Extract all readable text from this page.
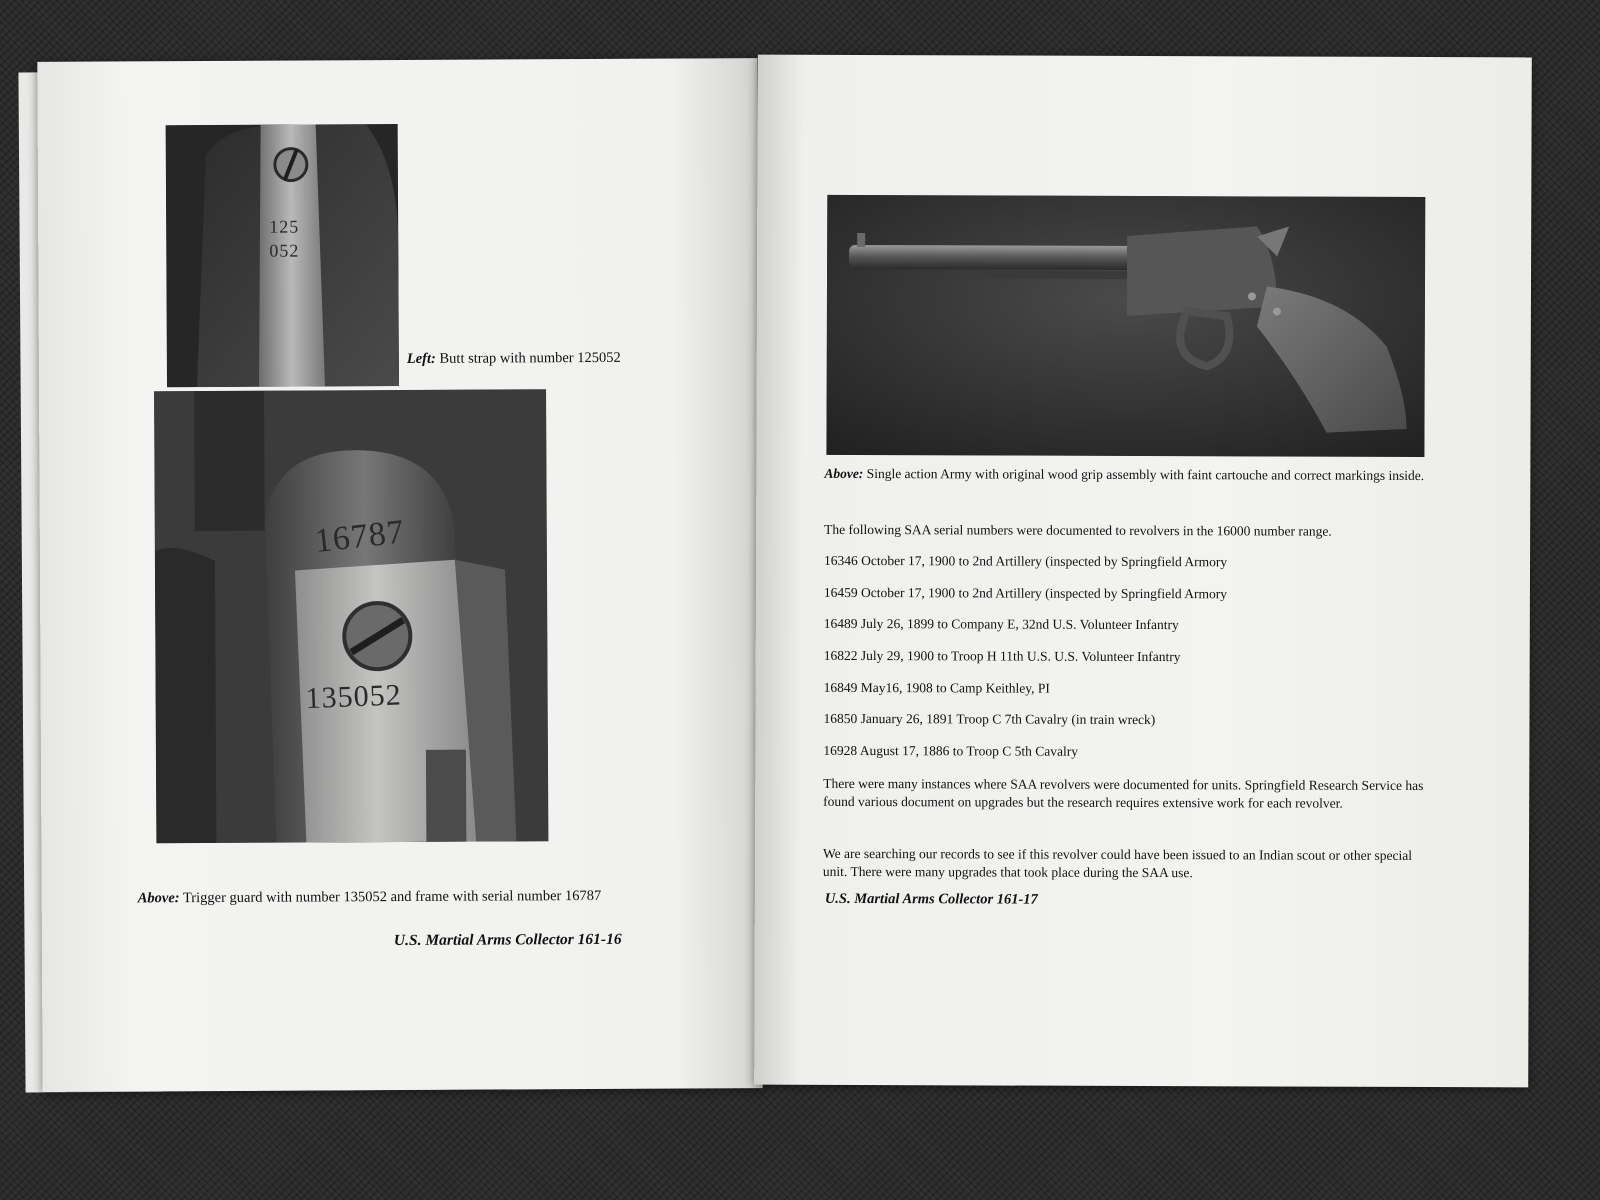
125
052
Left: Butt strap with number 125052
16787
135052
Above: Trigger guard with number 135052 and frame with serial number 16787
U.S. Martial Arms Collector 161-16
Above: Single action Army with original wood grip assembly with faint cartouche and correct markings inside.
The following SAA serial numbers were documented to revolvers in the 16000 number range.
16346 October 17, 1900 to 2nd Artillery (inspected by Springfield Armory
16459 October 17, 1900 to 2nd Artillery (inspected by Springfield Armory
16489 July 26, 1899 to Company E, 32nd U.S. Volunteer Infantry
16822 July 29, 1900 to Troop H 11th U.S. U.S. Volunteer Infantry
16849 May16, 1908 to Camp Keithley, PI
16850 January 26, 1891 Troop C 7th Cavalry (in train wreck)
16928 August 17, 1886 to Troop C 5th Cavalry
There were many instances where SAA revolvers were documented for units. Springfield Research Service has found various document on upgrades but the research requires extensive work for each revolver.
We are searching our records to see if this revolver could have been issued to an Indian scout or other special unit. There were many upgrades that took place during the SAA use.
U.S. Martial Arms Collector 161-17
